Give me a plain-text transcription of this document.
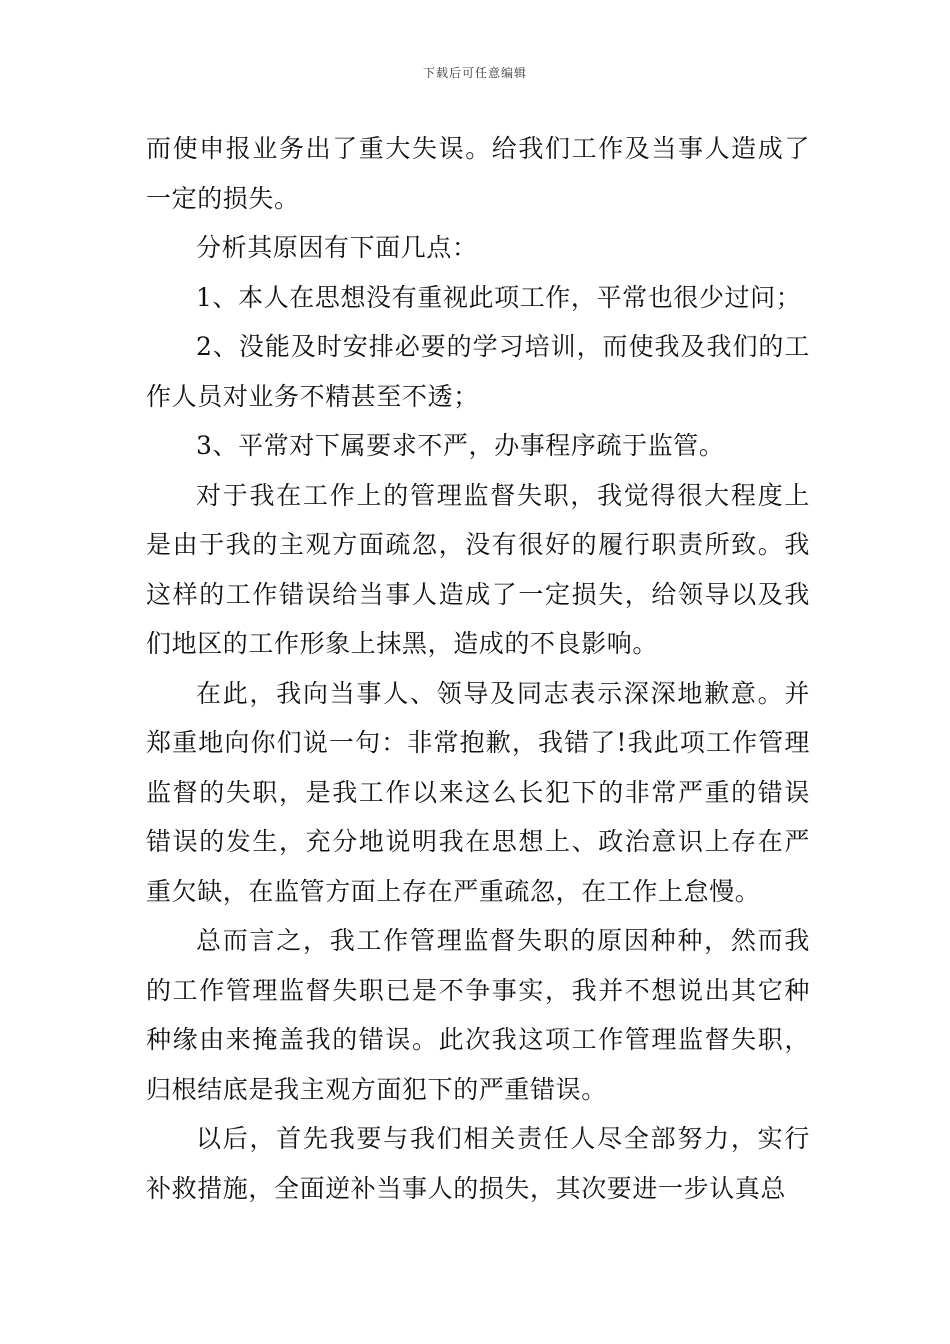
下载后可任意编辑

而使申报业务出了重大失误。给我们工作及当事人造成了一定的损失。

分析其原因有下面几点：

1、本人在思想没有重视此项工作，平常也很少过问；

2、没能及时安排必要的学习培训，而使我及我们的工作人员对业务不精甚至不透；

3、平常对下属要求不严，办事程序疏于监管。

对于我在工作上的管理监督失职，我觉得很大程度上是由于我的主观方面疏忽，没有很好的履行职责所致。我这样的工作错误给当事人造成了一定损失，给领导以及我们地区的工作形象上抹黑，造成的不良影响。

在此，我向当事人、领导及同志表示深深地歉意。并郑重地向你们说一句：非常抱歉，我错了!我此项工作管理监督的失职，是我工作以来这么长犯下的非常严重的错误错误的发生，充分地说明我在思想上、政治意识上存在严重欠缺，在监管方面上存在严重疏忽，在工作上怠慢。

总而言之，我工作管理监督失职的原因种种，然而我的工作管理监督失职已是不争事实，我并不想说出其它种种缘由来掩盖我的错误。此次我这项工作管理监督失职，归根结底是我主观方面犯下的严重错误。

以后，首先我要与我们相关责任人尽全部努力，实行补救措施，全面逆补当事人的损失，其次要进一步认真总
